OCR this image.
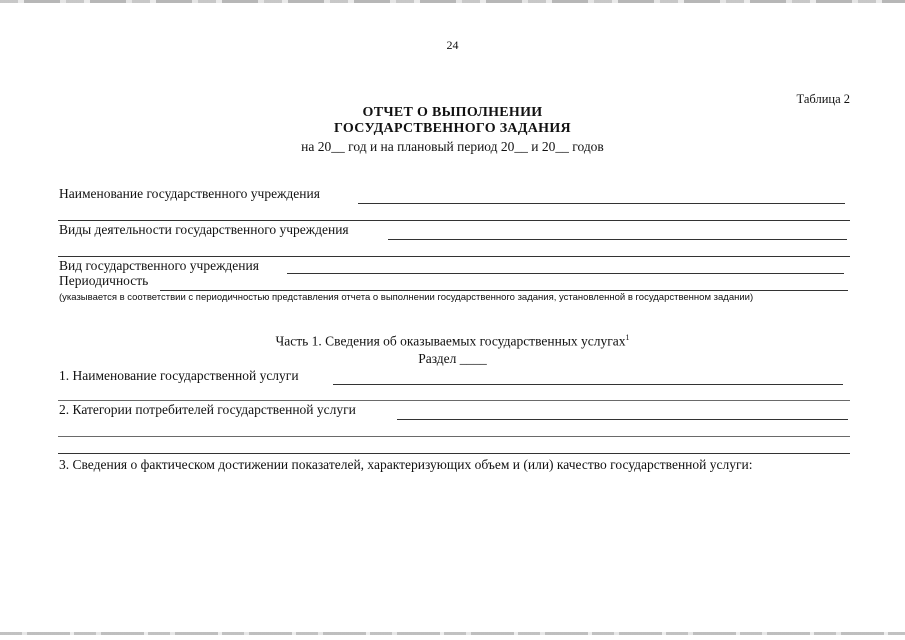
24
Таблица 2
ОТЧЕТ О ВЫПОЛНЕНИИ
ГОСУДАРСТВЕННОГО ЗАДАНИЯ
на 20__ год и на плановый период 20__ и 20__ годов
Наименование государственного учреждения
Виды деятельности государственного учреждения
Вид государственного учреждения
Периодичность
(указывается в соответствии с периодичностью представления отчета о выполнении государственного задания, установленной в государственном задании)
Часть 1. Сведения об оказываемых государственных услугах$^1$
Раздел ____
1. Наименование государственной услуги
2. Категории потребителей государственной услуги
3. Сведения о фактическом достижении показателей, характеризующих объем и (или) качество государственной услуги:
